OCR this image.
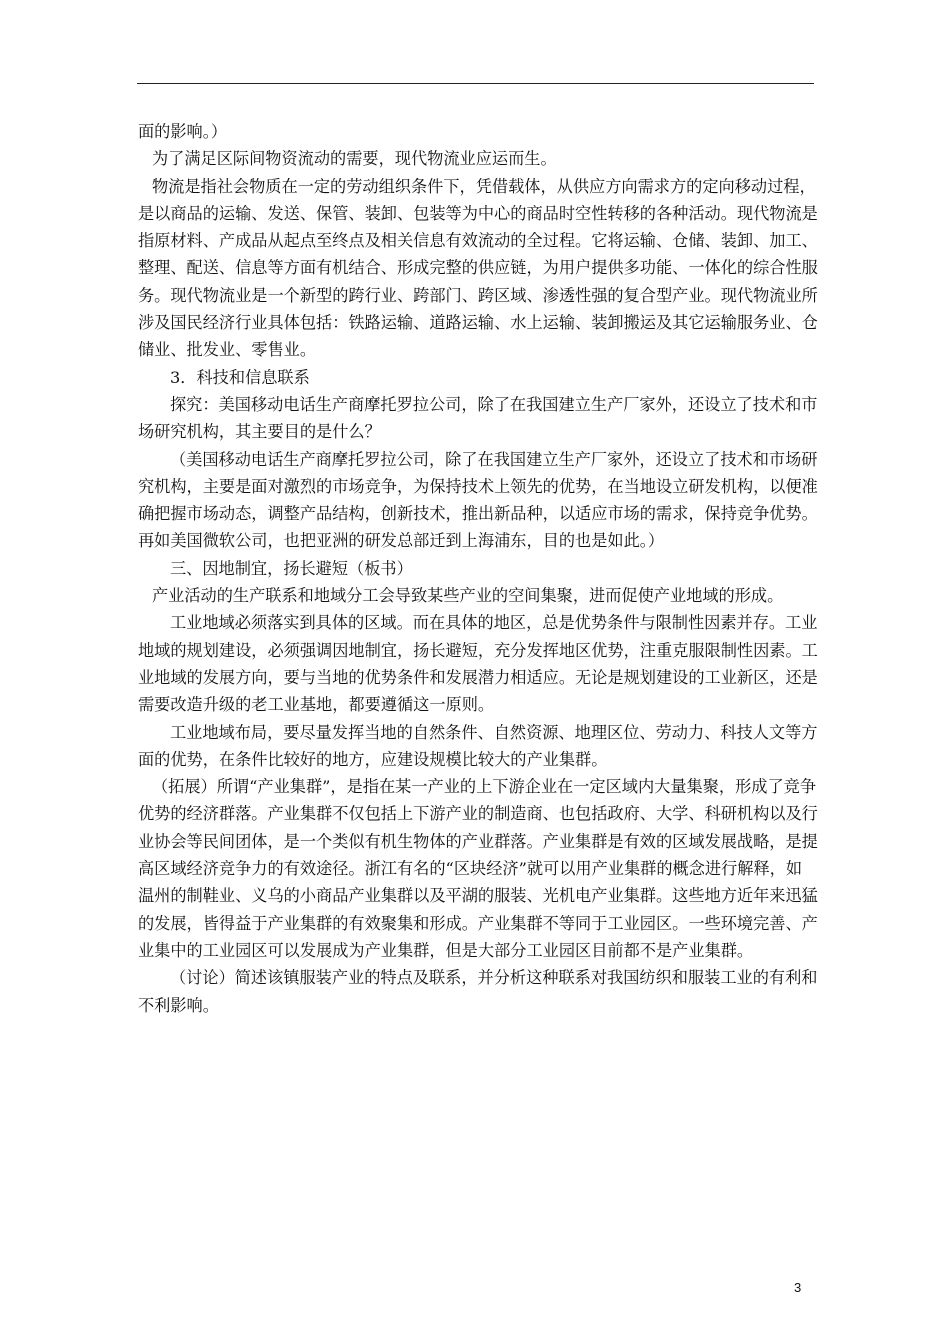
面的影响。）

为了满足区际间物资流动的需要，现代物流业应运而生。

物流是指社会物质在一定的劳动组织条件下，凭借载体，从供应方向需求方的定向移动过程，是以商品的运输、发送、保管、装卸、包装等为中心的商品时空性转移的各种活动。现代物流是指原材料、产成品从起点至终点及相关信息有效流动的全过程。它将运输、仓储、装卸、加工、整理、配送、信息等方面有机结合、形成完整的供应链，为用户提供多功能、一体化的综合性服务。现代物流业是一个新型的跨行业、跨部门、跨区域、渗透性强的复合型产业。现代物流业所涉及国民经济行业具体包括：铁路运输、道路运输、水上运输、装卸搬运及其它运输服务业、仓储业、批发业、零售业。

3．科技和信息联系

探究：美国移动电话生产商摩托罗拉公司，除了在我国建立生产厂家外，还设立了技术和市场研究机构，其主要目的是什么？

（美国移动电话生产商摩托罗拉公司，除了在我国建立生产厂家外，还设立了技术和市场研究机构，主要是面对激烈的市场竞争，为保持技术上领先的优势，在当地设立研发机构，以便准确把握市场动态，调整产品结构，创新技术，推出新品种，以适应市场的需求，保持竞争优势。再如美国微软公司，也把亚洲的研发总部迁到上海浦东，目的也是如此。）

三、因地制宜，扬长避短（板书）

产业活动的生产联系和地域分工会导致某些产业的空间集聚，进而促使产业地域的形成。

工业地域必须落实到具体的区域。而在具体的地区，总是优势条件与限制性因素并存。工业地域的规划建设，必须强调因地制宜，扬长避短，充分发挥地区优势，注重克服限制性因素。工业地域的发展方向，要与当地的优势条件和发展潜力相适应。无论是规划建设的工业新区，还是需要改造升级的老工业基地，都要遵循这一原则。

工业地域布局，要尽量发挥当地的自然条件、自然资源、地理区位、劳动力、科技人文等方面的优势，在条件比较好的地方，应建设规模比较大的产业集群。

（拓展）所谓“产业集群”，是指在某一产业的上下游企业在一定区域内大量集聚，形成了竞争优势的经济群落。产业集群不仅包括上下游产业的制造商、也包括政府、大学、科研机构以及行业协会等民间团体，是一个类似有机生物体的产业群落。产业集群是有效的区域发展战略，是提高区域经济竞争力的有效途径。浙江有名的“区块经济”就可以用产业集群的概念进行解释，如温州的制鞋业、义乌的小商品产业集群以及平湖的服装、光机电产业集群。这些地方近年来迅猛的发展，皆得益于产业集群的有效聚集和形成。产业集群不等同于工业园区。一些环境完善、产业集中的工业园区可以发展成为产业集群，但是大部分工业园区目前都不是产业集群。

（讨论）简述该镇服装产业的特点及联系，并分析这种联系对我国纺织和服装工业的有利和不利影响。

3
